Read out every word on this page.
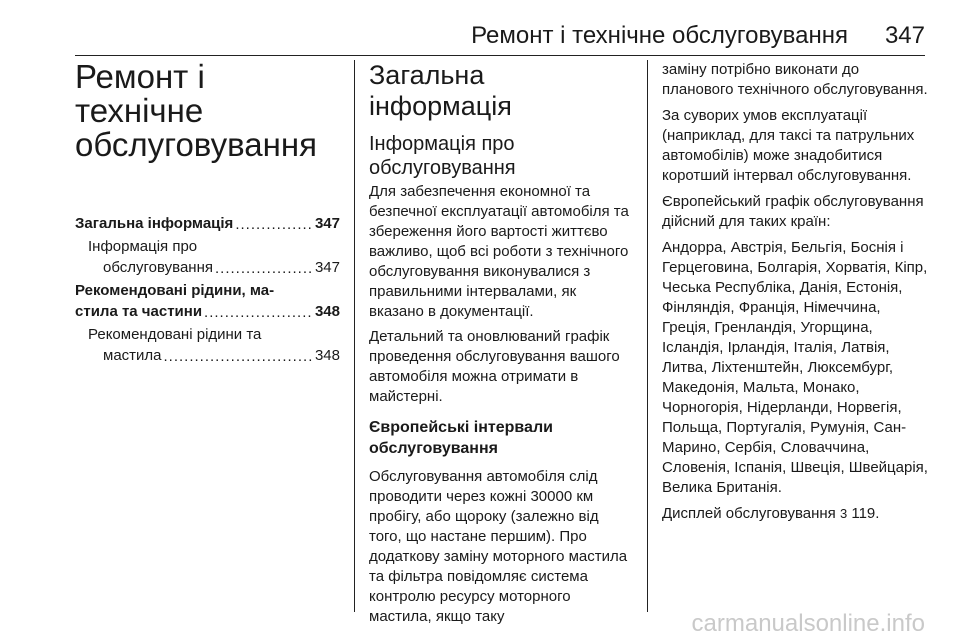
Ремонт і технічне обслуговування 347
Ремонт і технічне
обслуговування
Загальна інформація .....	347
Інформація про
обслуговування .....	347
Рекомендовані рідини, ма-
стила та частини .....	348
Рекомендовані рідини та
мастила .....	348
Загальна інформація
Інформація про
обслуговування

Для забезпечення економної та безпечної експлуатації автомобіля та збереження його вартості життєво важливо, щоб всі роботи з технічного обслуговування виконувалися з правильними інтервалами, як вказано в документації.

Детальний та оновлюваний графік проведення обслуговування вашого автомобіля можна отримати в майстерні.

Європейські інтервали
обслуговування

Обслуговування автомобіля слід проводити через кожні 30000 км пробігу, або щороку (залежно від того, що настане першим). Про додаткову заміну моторного мастила та фільтра повідомляє система контролю ресурсу моторного мастила, якщо таку

заміну потрібно виконати до планового технічного обслуговування.

За суворих умов експлуатації (наприклад, для таксі та патрульних автомобілів) може знадобитися коротший інтервал обслуговування.

Європейський графік обслуговування дійсний для таких країн:

Андорра, Австрія, Бельгія, Боснія і Герцеговина, Болгарія, Хорватія, Кіпр, Чеська Республіка, Данія, Естонія, Фінляндія, Франція, Німеччина, Греція, Гренландія, Угорщина, Ісландія, Ірландія, Італія, Латвія, Литва, Ліхтенштейн, Люксембург, Македонія, Мальта, Монако, Чорногорія, Нідерланди, Норвегія, Польща, Португалія, Румунія, Сан-Марино, Сербія, Словаччина, Словенія, Іспанія, Швеція, Швейцарія, Велика Британія.

Дисплей обслуговування 3 119.

carmanualsonline.info
